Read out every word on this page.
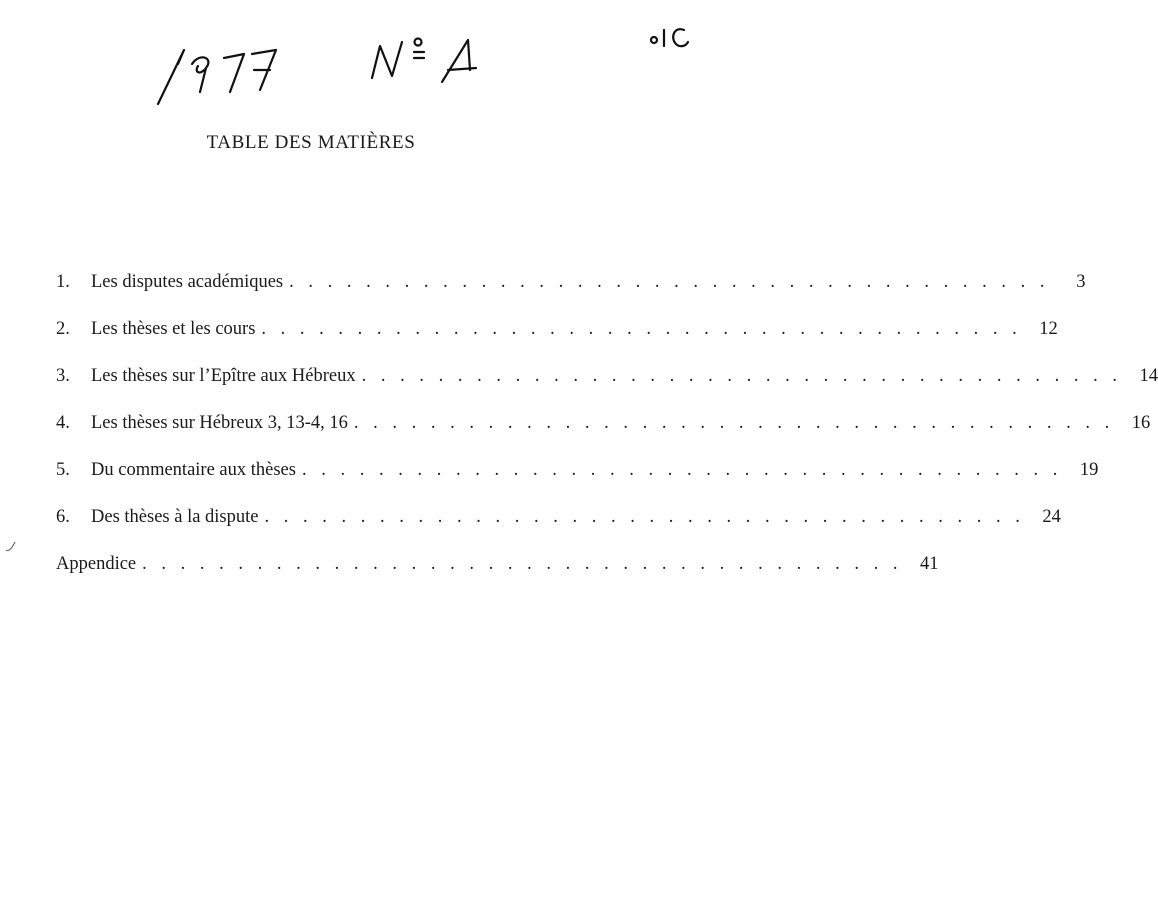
TABLE DES MATIÈRES
1.	Les disputes académiques . . . . . . . . . . . . . . . . . . . . . . . . . . . . . . . . . . . . . . . .	3
2.	Les thèses et les cours . . . . . . . . . . . . . . . . . . . . . . . . . . . . . . . . . . . . . . . . 12
3.	Les thèses sur l’Epître aux Hébreux . . . . . . . . . . . . . . . . . . . . . . . . . . . . . . . . . . . . . . . . 14
4.	Les thèses sur Hébreux 3, 13-4, 16 . . . . . . . . . . . . . . . . . . . . . . . . . . . . . . . . . . . . . . . . 16
5.	Du commentaire aux thèses . . . . . . . . . . . . . . . . . . . . . . . . . . . . . . . . . . . . . . . . 19
6.	Des thèses à la dispute . . . . . . . . . . . . . . . . . . . . . . . . . . . . . . . . . . . . . . . . 24
Appendice . . . . . . . . . . . . . . . . . . . . . . . . . . . . . . . . . . . . . . . . 41
